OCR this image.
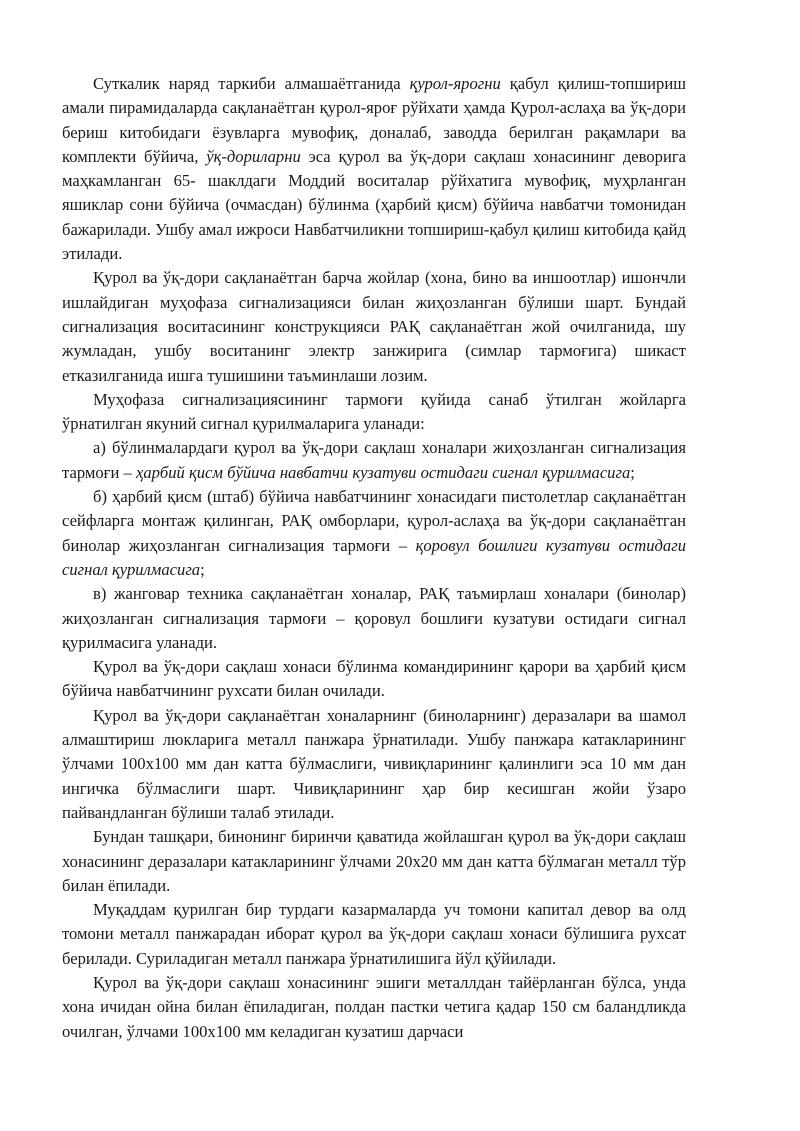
Суткалик наряд таркиби алмашаётганида қурол-ярогни қабул қилиш-топшириш амали пирамидаларда сақланаётган қурол-яроғ рўйхати ҳамда Қурол-аслаҳа ва ўқ-дори бериш китобидаги ёзувларга мувофиқ, доналаб, заводда берилган рақамлари ва комплекти бўйича, ўқ-дориларни эса қурол ва ўқ-дори сақлаш хонасининг деворига маҳкамланган 65- шаклдаги Моддий воситалар рўйхатига мувофиқ, муҳрланган яшиклар сони бўйича (очмасдан) бўлинма (ҳарбий қисм) бўйича навбатчи томонидан бажарилади. Ушбу амал ижроси Навбатчиликни топшириш-қабул қилиш китобида қайд этилади.

Қурол ва ўқ-дори сақланаётган барча жойлар (хона, бино ва иншоотлар) ишончли ишлайдиган муҳофаза сигнализацияси билан жиҳозланган бўлиши шарт. Бундай сигнализация воситасининг конструкцияси РАҚ сақланаётган жой очилганида, шу жумладан, ушбу воситанинг электр занжирига (симлар тармоғига) шикаст етказилганида ишга тушишини таъминлаши лозим.

Муҳофаза сигнализациясининг тармоғи қуйида санаб ўтилган жойларга ўрнатилган якуний сигнал қурилмаларига уланади:

а) бўлинмалардаги қурол ва ўқ-дори сақлаш хоналари жиҳозланган сигнализация тармоғи – ҳарбий қисм бўйича навбатчи кузатуви остидаги сигнал қурилмасига;

б) ҳарбий қисм (штаб) бўйича навбатчининг хонасидаги пистолетлар сақланаётган сейфларга монтаж қилинган, РАҚ омборлари, қурол-аслаҳа ва ўқ-дори сақланаётган бинолар жиҳозланган сигнализация тармоғи – қоровул бошлиги кузатуви остидаги сигнал қурилмасига;

в) жанговар техника сақланаётган хоналар, РАҚ таъмирлаш хоналари (бинолар) жиҳозланган сигнализация тармоғи – қоровул бошлиғи кузатуви остидаги сигнал қурилмасига уланади.

Қурол ва ўқ-дори сақлаш хонаси бўлинма командирининг қарори ва ҳарбий қисм бўйича навбатчининг рухсати билан очилади.

Қурол ва ўқ-дори сақланаётган хоналарнинг (биноларнинг) деразалари ва шамол алмаштириш люкларига металл панжара ўрнатилади. Ушбу панжара катакларининг ўлчами 100х100 мм дан катта бўлмаслиги, чивиқларининг қалинлиги эса 10 мм дан ингичка бўлмаслиги шарт. Чивиқларининг ҳар бир кесишган жойи ўзаро пайвандланган бўлиши талаб этилади.

Бундан ташқари, бинонинг биринчи қаватида жойлашган қурол ва ўқ-дори сақлаш хонасининг деразалари катакларининг ўлчами 20х20 мм дан катта бўлмаган металл тўр билан ёпилади.

Муқаддам қурилган бир турдаги казармаларда уч томони капитал девор ва олд томони металл панжарадан иборат қурол ва ўқ-дори сақлаш хонаси бўлишига рухсат берилади. Суриладиган металл панжара ўрнатилишига йўл қўйилади.

Қурол ва ўқ-дори сақлаш хонасининг эшиги металлдан тайёрланган бўлса, унда хона ичидан ойна билан ёпиладиган, полдан пастки четига қадар 150 см баландликда очилган, ўлчами 100х100 мм келадиган кузатиш дарчаси
